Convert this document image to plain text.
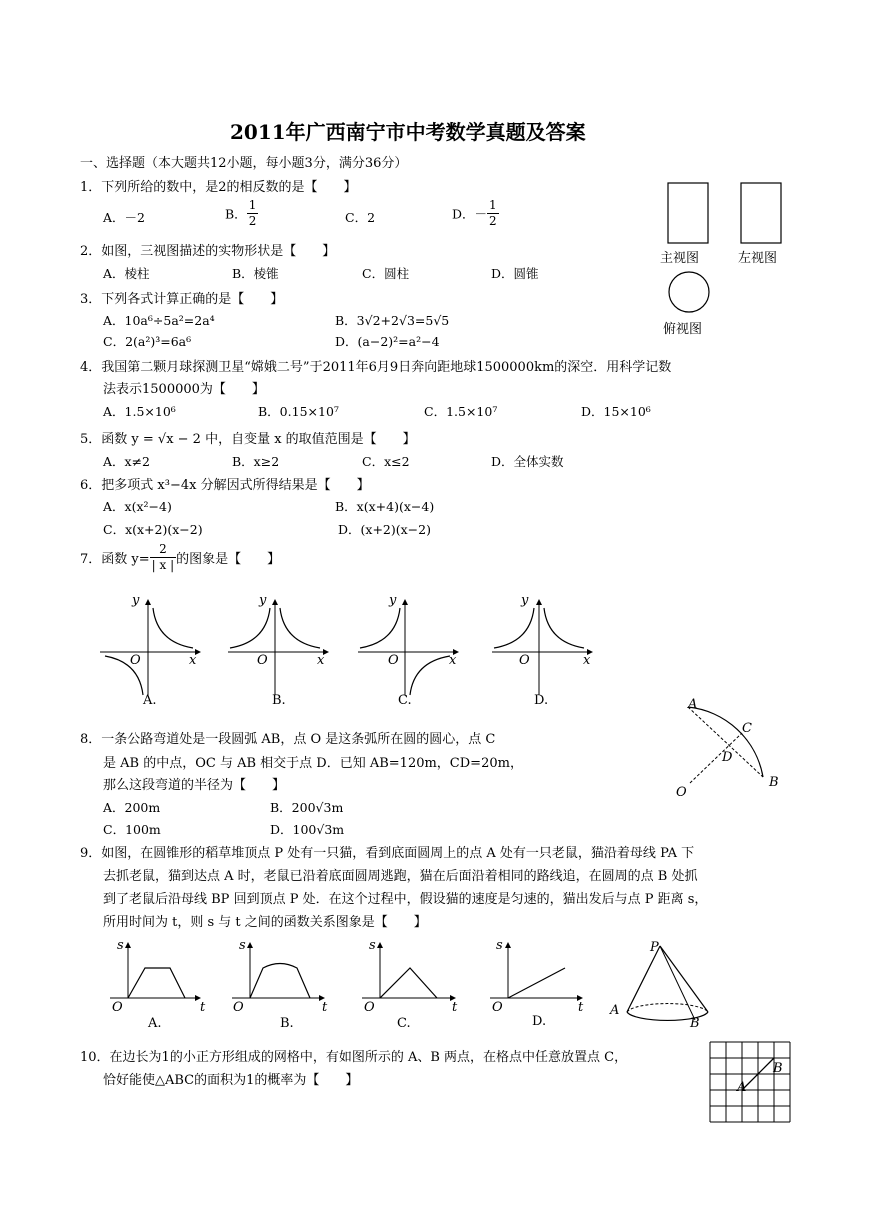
2011年广西南宁市中考数学真题及答案
一、选择题（本大题共12小题，每小题3分，满分36分）
1．下列所给的数中，是2的相反数的是【　　】
A．－2	B． $\frac{1}{2}$	C．2	D．－ $\frac{1}{2}$
主视图	左视图
俯视图
2．如图，三视图描述的实物形状是【　　】
A．棱柱	B．棱锥	C．圆柱	D．圆锥
3．下列各式计算正确的是【　　】
A．10a⁶÷5a²=2a⁴	B．3√2+2√3=5√5
C．2(a²)³=6a⁶	D．(a−2)²=a²−4
4．我国第二颗月球探测卫星“嫦娥二号”于2011年6月9日奔向距地球1500000km的深空．用科学记数
法表示1500000为【　　】
A．1.5×10⁶	B．0.15×10⁷	C．1.5×10⁷	D．15×10⁶
5．函数 y = √x − 2 中，自变量 x 的取值范围是【　　】
A．x≠2	B．x≥2	C．x≤2	D．全体实数
6．把多项式 x³−4x 分解因式所得结果是【　　】
A．x(x²−4)	B．x(x+4)(x−4)
C．x(x+2)(x−2)	D．(x+2)(x−2)
7．函数 $y= \frac{2}{| x |}$ 的图象是【　　】
y
x
O
A.
y
x
O
B.
y
x
O
C.
y
x
O
D.
8．一条公路弯道处是一段圆弧 AB，点 O 是这条弧所在圆的圆心，点 C
是 AB 的中点，OC 与 AB 相交于点 D．已知 AB=120m，CD=20m，
那么这段弯道的半径为【　　】
A．200m	B．200√3m
C．100m	D．100√3m
A
C
D
B
O
9．如图，在圆锥形的稻草堆顶点 P 处有一只猫，看到底面圆周上的点 A 处有一只老鼠，猫沿着母线 PA 下
去抓老鼠，猫到达点 A 时，老鼠已沿着底面圆周逃跑，猫在后面沿着相同的路线追，在圆周的点 B 处抓
到了老鼠后沿母线 BP 回到顶点 P 处．在这个过程中，假设猫的速度是匀速的，猫出发后与点 P 距离 s，
所用时间为 t，则 s 与 t 之间的函数关系图象是【　　】
s
t
O
A.
s
t
O
B.
s
t
O
C.
s
t
O
D.
P
A
B
10．在边长为1的小正方形组成的网格中，有如图所示的 A、B 两点，在格点中任意放置点 C，
恰好能使△ABC的面积为1的概率为【　　】
B
A
